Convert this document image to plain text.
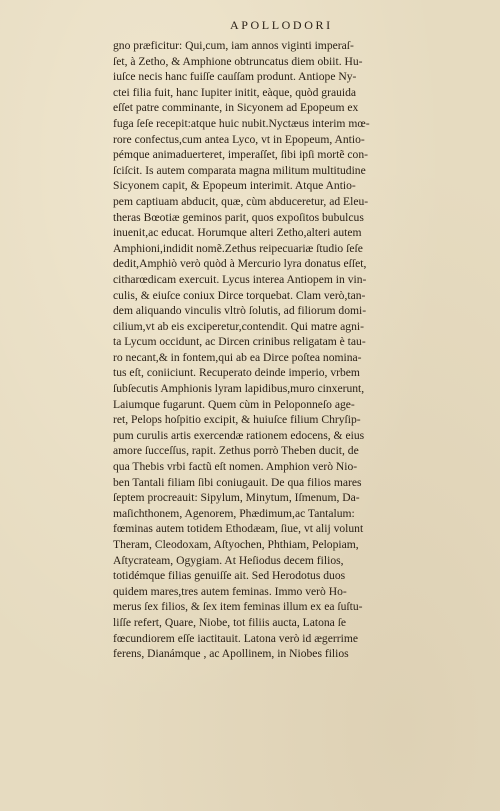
APOLLODORI
gno præficitur: Qui,cum, iam annos viginti imperaſ-
ſet, à Zetho, & Amphione obtruncatus diem obiit. Hu-
iuſce necis hanc fuiſſe cauſſam produnt. Antiope Ny-
ctei filia fuit, hanc Iupiter initit, eàque, quòd grauida
eſſet patre comminante, in Sicyonem ad Epopeum ex
fuga ſeſe recepit:atque huic nubit.Nyctæus interim mœ-
rore confectus,cum antea Lyco, vt in Epopeum, Antio-
pémque animaduerteret, imperaſſet, ſibi ipſi mortẽ con-
ſciſcit. Is autem comparata magna militum multitudine
Sicyonem capit, & Epopeum interimit. Atque Antio-
pem captiuam abducit, quæ, cùm abduceretur, ad Eleu-
theras Bœotiæ geminos parit, quos expoſitos bubulcus
inuenit,ac educat. Horumque alteri Zetho,alteri autem
Amphioni,indidit nomẽ.Zethus reipecuariæ ſtudio ſeſe
dedit,Amphiò verò quòd à Mercurio lyra donatus eſſet,
citharœdicam exercuit. Lycus interea Antiopem in vin-
culis, & eiuſce coniux Dirce torquebat. Clam verò,tan-
dem aliquando vinculis vltrò ſolutis, ad filiorum domi-
cilium,vt ab eis exciperetur,contendit. Qui matre agni-
ta Lycum occidunt, ac Dircen crinibus religatam è tau-
ro necant,& in fontem,qui ab ea Dirce poſtea nomina-
tus eſt, coniiciunt. Recuperato deinde imperio, vrbem
ſubſecutis Amphionis lyram lapidibus,muro cinxerunt,
Laiumque fugarunt. Quem cùm in Peloponneſo age-
ret, Pelops hoſpitio excipit, & huiuſce filium Chryſip-
pum curulis artis exercendæ rationem edocens, & eius
amore ſucceſſus, rapit. Zethus porrò Theben ducit, de
qua Thebis vrbi factũ eſt nomen. Amphion verò Nio-
ben Tantali filiam ſibi coniugauit. De qua filios mares
ſeptem procreauit: Sipylum, Minytum, Iſmenum, Da-
maſichthonem, Agenorem, Phædimum,ac Tantalum:
fœminas autem totidem Ethodæam, ſiue, vt alij volunt
Theram, Cleodoxam, Aſtyochen, Phthiam, Pelopiam,
Aſtycrateam, Ogygiam. At Heſiodus decem filios,
totidémque filias genuiſſe ait. Sed Herodotus duos
quidem mares,tres autem feminas. Immo verò Ho-
merus ſex filios, & ſex item feminas illum ex ea ſuſtu-
liſſe refert, Quare, Niobe, tot filiis aucta, Latona ſe
fœcundiorem eſſe iactitauit. Latona verò id ægerrime
ferens, Dianámque , ac Apollinem, in Niobes filios
